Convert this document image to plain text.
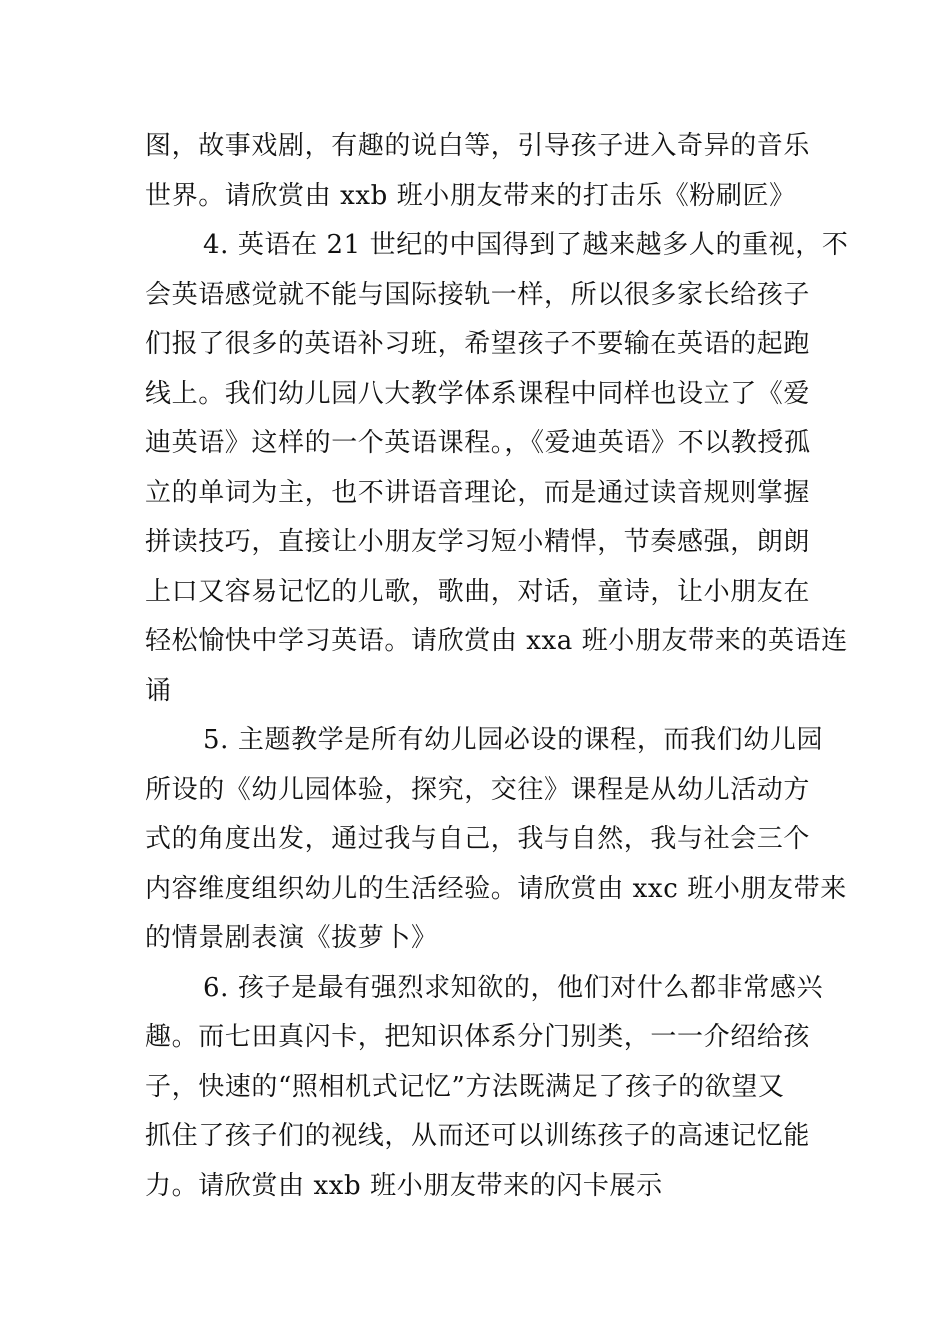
图，故事戏剧，有趣的说白等，引导孩子进入奇异的音乐
世界。请欣赏由 xxb 班小朋友带来的打击乐《粉刷匠》
4. 英语在 21 世纪的中国得到了越来越多人的重视，不
会英语感觉就不能与国际接轨一样，所以很多家长给孩子
们报了很多的英语补习班，希望孩子不要输在英语的起跑
线上。我们幼儿园八大教学体系课程中同样也设立了《爱
迪英语》这样的一个英语课程。，《爱迪英语》不以教授孤
立的单词为主，也不讲语音理论，而是通过读音规则掌握
拼读技巧，直接让小朋友学习短小精悍，节奏感强，朗朗
上口又容易记忆的儿歌，歌曲，对话，童诗，让小朋友在
轻松愉快中学习英语。请欣赏由 xxa 班小朋友带来的英语连
诵
5. 主题教学是所有幼儿园必设的课程，而我们幼儿园
所设的《幼儿园体验，探究，交往》课程是从幼儿活动方
式的角度出发，通过我与自己，我与自然，我与社会三个
内容维度组织幼儿的生活经验。请欣赏由 xxc 班小朋友带来
的情景剧表演《拔萝卜》
6. 孩子是最有强烈求知欲的，他们对什么都非常感兴
趣。而七田真闪卡，把知识体系分门别类，一一介绍给孩
子，快速的“照相机式记忆”方法既满足了孩子的欲望又
抓住了孩子们的视线，从而还可以训练孩子的高速记忆能
力。请欣赏由 xxb 班小朋友带来的闪卡展示
